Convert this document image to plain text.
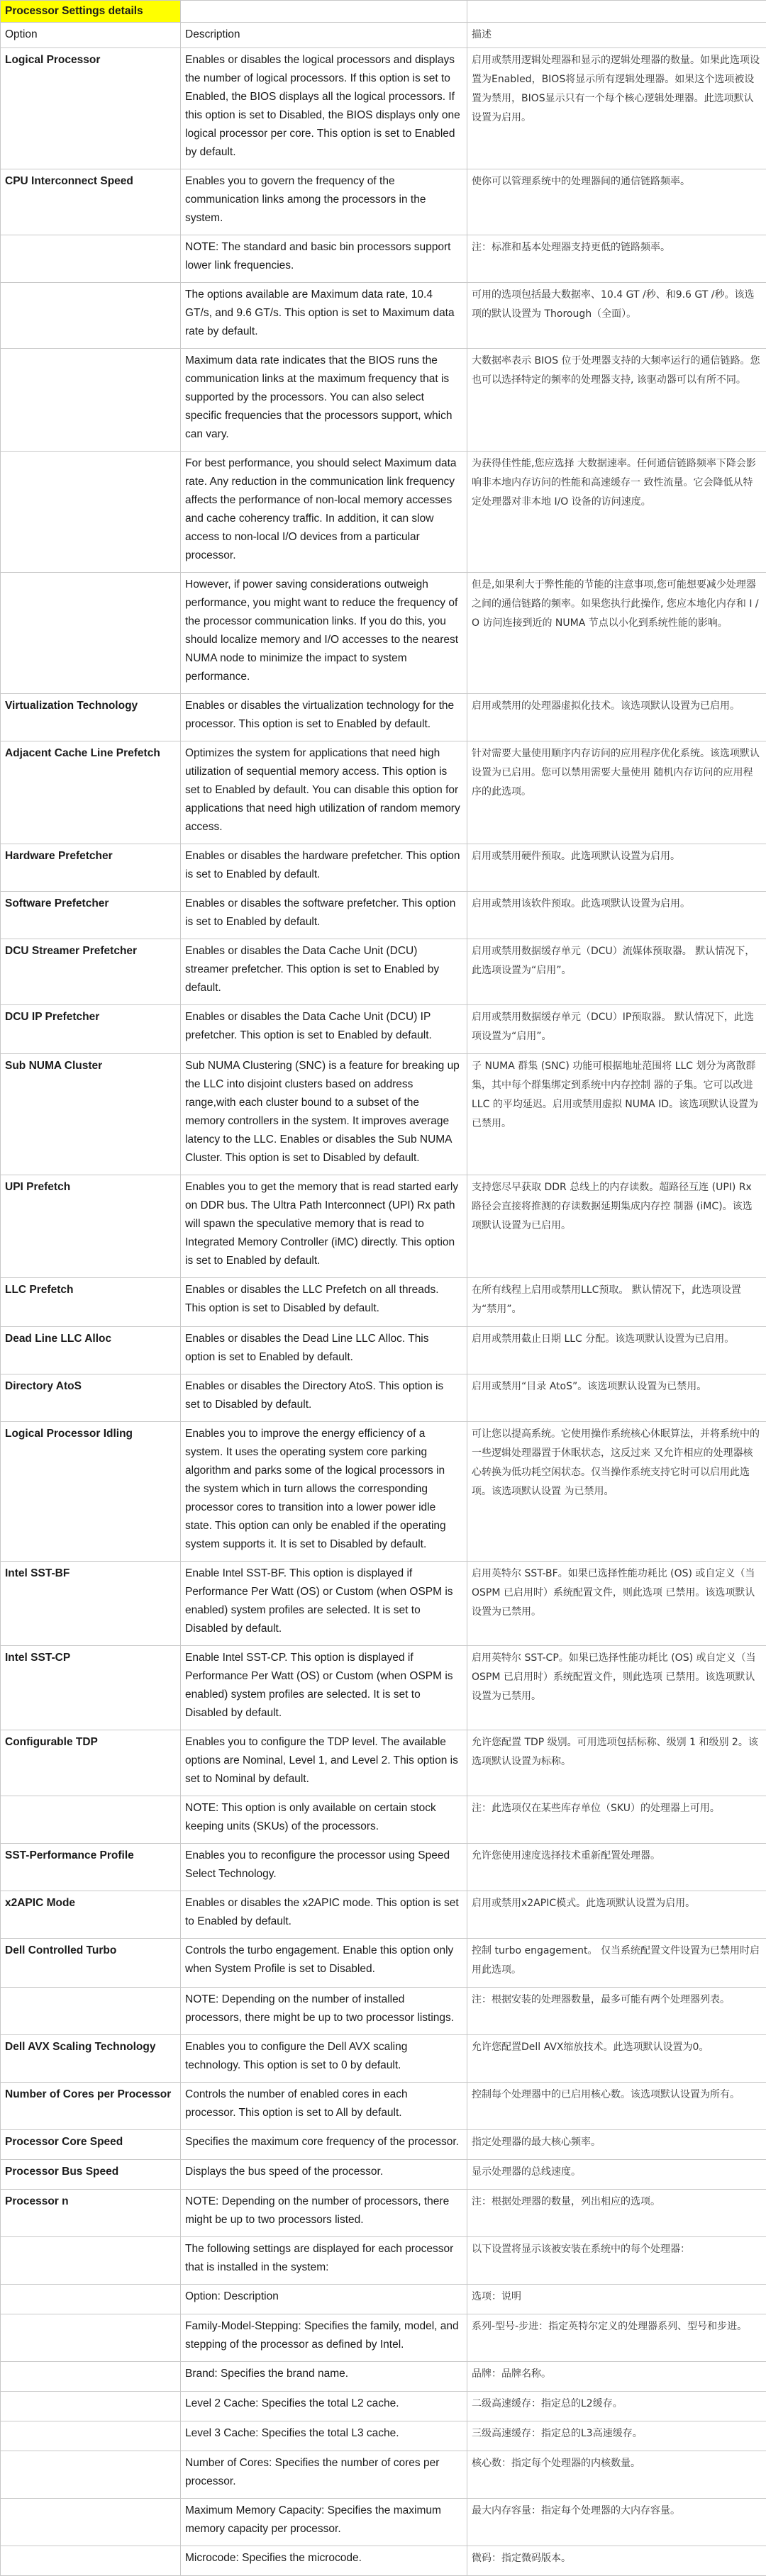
Processor Settings details		
Option	Description	描述
Logical Processor	Enables or disables the logical processors and displays the number of logical processors. If this option is set to Enabled, the BIOS displays all the logical processors. If this option is set to Disabled, the BIOS displays only one logical processor per core. This option is set to Enabled by default.	启用或禁用逻辑处理器和显示的逻辑处理器的数量。如果此选项设置为Enabled，BIOS将显示所有逻辑处理器。如果这个选项被设置为禁用，BIOS显示只有一个每个核心逻辑处理器。此选项默认设置为启用。
CPU Interconnect Speed	Enables you to govern the frequency of the communication links among the processors in the system.	使你可以管理系统中的处理器间的通信链路频率。
	NOTE: The standard and basic bin processors support lower link frequencies.	注：标准和基本处理器支持更低的链路频率。
	The options available are Maximum data rate, 10.4 GT/s, and 9.6 GT/s. This option is set to Maximum data rate by default.	可用的选项包括最大数据率、10.4 GT /秒、和9.6 GT /秒。该选项的默认设置为 Thorough（全面）。
	Maximum data rate indicates that the BIOS runs the communication links at the maximum frequency that is supported by the processors. You can also select specific frequencies that the processors support, which can vary.	大数据率表示 BIOS 位于处理器支持的大频率运行的通信链路。您也可以选择特定的频率的处理器支持, 该驱动器可以有所不同。
	For best performance, you should select Maximum data rate. Any reduction in the communication link frequency affects the performance of non-local memory accesses and cache coherency traffic. In addition, it can slow access to non-local I/O devices from a particular processor.	为获得佳性能,您应选择 大数据速率。任何通信链路频率下降会影响非本地内存访问的性能和高速缓存一 致性流量。它会降低从特定处理器对非本地 I/O 设备的访问速度。
	However, if power saving considerations outweigh performance, you might want to reduce the frequency of the processor communication links. If you do this, you should localize memory and I/O accesses to the nearest NUMA node to minimize the impact to system performance.	但是,如果利大于弊性能的节能的注意事项,您可能想要减少处理器之间的通信链路的频率。如果您执行此操作, 您应本地化内存和 I / O 访问连接到近的 NUMA 节点以小化到系统性能的影响。
Virtualization Technology	Enables or disables the virtualization technology for the processor. This option is set to Enabled by default.	启用或禁用的处理器虚拟化技术。该选项默认设置为已启用。
Adjacent Cache Line Prefetch	Optimizes the system for applications that need high utilization of sequential memory access. This option is set to Enabled by default. You can disable this option for applications that need high utilization of random memory access.	针对需要大量使用顺序内存访问的应用程序优化系统。该选项默认设置为已启用。您可以禁用需要大量使用 随机内存访问的应用程序的此选项。
Hardware Prefetcher	Enables or disables the hardware prefetcher. This option is set to Enabled by default.	启用或禁用硬件预取。此选项默认设置为启用。
Software Prefetcher	Enables or disables the software prefetcher. This option is set to Enabled by default.	启用或禁用该软件预取。此选项默认设置为启用。
DCU Streamer Prefetcher	Enables or disables the Data Cache Unit (DCU) streamer prefetcher. This option is set to Enabled by default.	启用或禁用数据缓存单元（DCU）流媒体预取器。 默认情况下，此选项设置为“启用”。
DCU IP Prefetcher	Enables or disables the Data Cache Unit (DCU) IP prefetcher. This option is set to Enabled by default.	启用或禁用数据缓存单元（DCU）IP预取器。 默认情况下，此选项设置为“启用”。
Sub NUMA Cluster	Sub NUMA Clustering (SNC) is a feature for breaking up the LLC into disjoint clusters based on address range,with each cluster bound to a subset of the memory controllers in the system. It improves average latency to the LLC. Enables or disables the Sub NUMA Cluster. This option is set to Disabled by default.	子 NUMA 群集 (SNC) 功能可根据地址范围将 LLC 划分为离散群集，其中每个群集绑定到系统中内存控制 器的子集。它可以改进 LLC 的平均延迟。启用或禁用虚拟 NUMA ID。该选项默认设置为已禁用。
UPI Prefetch	Enables you to get the memory that is read started early on DDR bus. The Ultra Path Interconnect (UPI) Rx path will spawn the speculative memory that is read to Integrated Memory Controller (iMC) directly. This option is set to Enabled by default.	支持您尽早获取 DDR 总线上的内存读数。超路径互连 (UPI) Rx 路径会直接将推测的存读数据延期集成内存控 制器 (iMC)。该选项默认设置为已启用。
LLC Prefetch	Enables or disables the LLC Prefetch on all threads. This option is set to Disabled by default.	在所有线程上启用或禁用LLC预取。 默认情况下，此选项设置为“禁用”。
Dead Line LLC Alloc	Enables or disables the Dead Line LLC Alloc. This option is set to Enabled by default.	启用或禁用截止日期 LLC 分配。该选项默认设置为已启用。
Directory AtoS	Enables or disables the Directory AtoS. This option is set to Disabled by default.	启用或禁用“目录 AtoS”。该选项默认设置为已禁用。
Logical Processor Idling	Enables you to improve the energy efficiency of a system. It uses the operating system core parking algorithm and parks some of the logical processors in the system which in turn allows the corresponding processor cores to transition into a lower power idle state. This option can only be enabled if the operating system supports it. It is set to Disabled by default.	可让您以提高系统。它使用操作系统核心休眠算法，并将系统中的一些逻辑处理器置于休眠状态，这反过来 又允许相应的处理器核心转换为低功耗空闲状态。仅当操作系统支持它时可以启用此选项。该选项默认设置 为已禁用。
Intel SST-BF	Enable Intel SST-BF. This option is displayed if Performance Per Watt (OS) or Custom (when OSPM is enabled) system profiles are selected. It is set to Disabled by default.	启用英特尔 SST-BF。如果已选择性能功耗比 (OS) 或自定义（当 OSPM 已启用时）系统配置文件，则此选项 已禁用。该选项默认设置为已禁用。
Intel SST-CP	Enable Intel SST-CP. This option is displayed if Performance Per Watt (OS) or Custom (when OSPM is enabled) system profiles are selected. It is set to Disabled by default.	启用英特尔 SST-CP。如果已选择性能功耗比 (OS) 或自定义（当 OSPM 已启用时）系统配置文件，则此选项 已禁用。该选项默认设置为已禁用。
Configurable TDP	Enables you to configure the TDP level. The available options are Nominal, Level 1, and Level 2. This option is set to Nominal by default.	允许您配置 TDP 级别。可用选项包括标称、级别 1 和级别 2。该选项默认设置为标称。
	NOTE: This option is only available on certain stock keeping units (SKUs) of the processors.	注：此选项仅在某些库存单位（SKU）的处理器上可用。
SST-Performance Profile	Enables you to reconfigure the processor using Speed Select Technology.	允许您使用速度选择技术重新配置处理器。
x2APIC Mode	Enables or disables the x2APIC mode. This option is set to Enabled by default.	启用或禁用x2APIC模式。此选项默认设置为启用。
Dell Controlled Turbo	Controls the turbo engagement. Enable this option only when System Profile is set to Disabled.	控制 turbo engagement。 仅当系统配置文件设置为已禁用时启用此选项。
	NOTE: Depending on the number of installed processors, there might be up to two processor listings.	注：根据安装的处理器数量，最多可能有两个处理器列表。
Dell AVX Scaling Technology	Enables you to configure the Dell AVX scaling technology. This option is set to 0 by default.	允许您配置Dell AVX缩放技术。此选项默认设置为0。
Number of Cores per Processor	Controls the number of enabled cores in each processor. This option is set to All by default.	控制每个处理器中的已启用核心数。该选项默认设置为所有。
Processor Core Speed	Specifies the maximum core frequency of the processor.	指定处理器的最大核心频率。
Processor Bus Speed	Displays the bus speed of the processor.	显示处理器的总线速度。
Processor n	NOTE: Depending on the number of processors, there might be up to two processors listed.	注：根据处理器的数量，列出相应的选项。
	The following settings are displayed for each processor that is installed in the system:	以下设置将显示该被安装在系统中的每个处理器：
	Option: Description	选项：说明
	Family-Model-Stepping: Specifies the family, model, and stepping of the processor as defined by Intel.	系列-型号-步进：指定英特尔定义的处理器系列、型号和步进。
	Brand: Specifies the brand name.	品牌：品牌名称。
	Level 2 Cache: Specifies the total L2 cache.	二级高速缓存：指定总的L2缓存。
	Level 3 Cache: Specifies the total L3 cache.	三级高速缓存：指定总的L3高速缓存。
	Number of Cores: Specifies the number of cores per processor.	核心数：指定每个处理器的内核数量。
	Maximum Memory Capacity: Specifies the maximum memory capacity per processor.	最大内存容量：指定每个处理器的大内存容量。
	Microcode: Specifies the microcode.	微码：指定微码版本。
